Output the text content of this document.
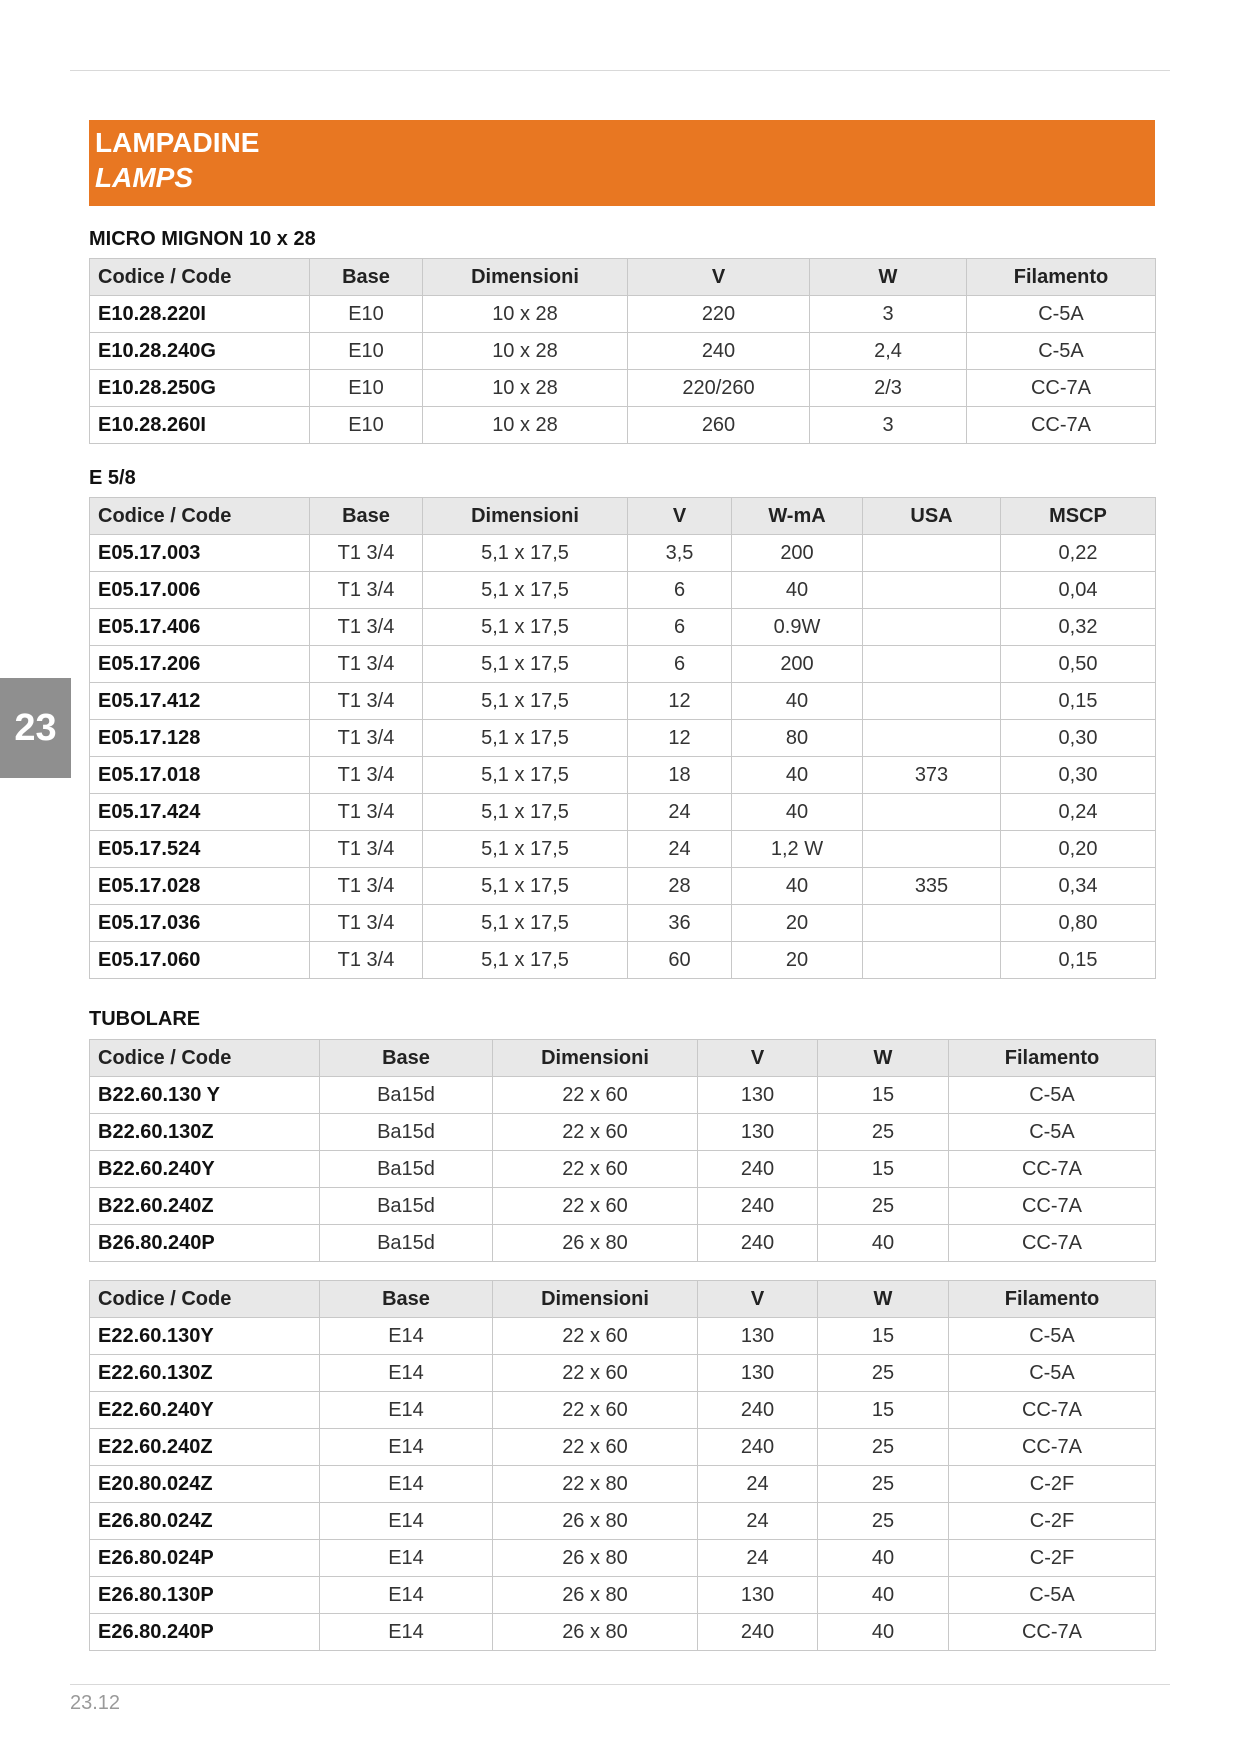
LAMPADINE
LAMPS
MICRO MIGNON 10 x 28
Codice / Code	Base	Dimensioni	V	W	Filamento
E10.28.220I	E10	10 x 28	220	3	C-5A
E10.28.240G	E10	10 x 28	240	2,4	C-5A
E10.28.250G	E10	10 x 28	220/260	2/3	CC-7A
E10.28.260I	E10	10 x 28	260	3	CC-7A
E 5/8
Codice / Code	Base	Dimensioni	V	W-mA	USA	MSCP
E05.17.003	T1 3/4	5,1 x 17,5	3,5	200		0,22
E05.17.006	T1 3/4	5,1 x 17,5	6	40		0,04
E05.17.406	T1 3/4	5,1 x 17,5	6	0.9W		0,32
E05.17.206	T1 3/4	5,1 x 17,5	6	200		0,50
E05.17.412	T1 3/4	5,1 x 17,5	12	40		0,15
E05.17.128	T1 3/4	5,1 x 17,5	12	80		0,30
E05.17.018	T1 3/4	5,1 x 17,5	18	40	373	0,30
E05.17.424	T1 3/4	5,1 x 17,5	24	40		0,24
E05.17.524	T1 3/4	5,1 x 17,5	24	1,2 W		0,20
E05.17.028	T1 3/4	5,1 x 17,5	28	40	335	0,34
E05.17.036	T1 3/4	5,1 x 17,5	36	20		0,80
E05.17.060	T1 3/4	5,1 x 17,5	60	20		0,15
TUBOLARE
Codice / Code	Base	Dimensioni	V	W	Filamento
B22.60.130 Y	Ba15d	22 x 60	130	15	C-5A
B22.60.130Z	Ba15d	22 x 60	130	25	C-5A
B22.60.240Y	Ba15d	22 x 60	240	15	CC-7A
B22.60.240Z	Ba15d	22 x 60	240	25	CC-7A
B26.80.240P	Ba15d	26 x 80	240	40	CC-7A
Codice / Code	Base	Dimensioni	V	W	Filamento
E22.60.130Y	E14	22 x 60	130	15	C-5A
E22.60.130Z	E14	22 x 60	130	25	C-5A
E22.60.240Y	E14	22 x 60	240	15	CC-7A
E22.60.240Z	E14	22 x 60	240	25	CC-7A
E20.80.024Z	E14	22 x 80	24	25	C-2F
E26.80.024Z	E14	26 x 80	24	25	C-2F
E26.80.024P	E14	26 x 80	24	40	C-2F
E26.80.130P	E14	26 x 80	130	40	C-5A
E26.80.240P	E14	26 x 80	240	40	CC-7A
23
23.12
